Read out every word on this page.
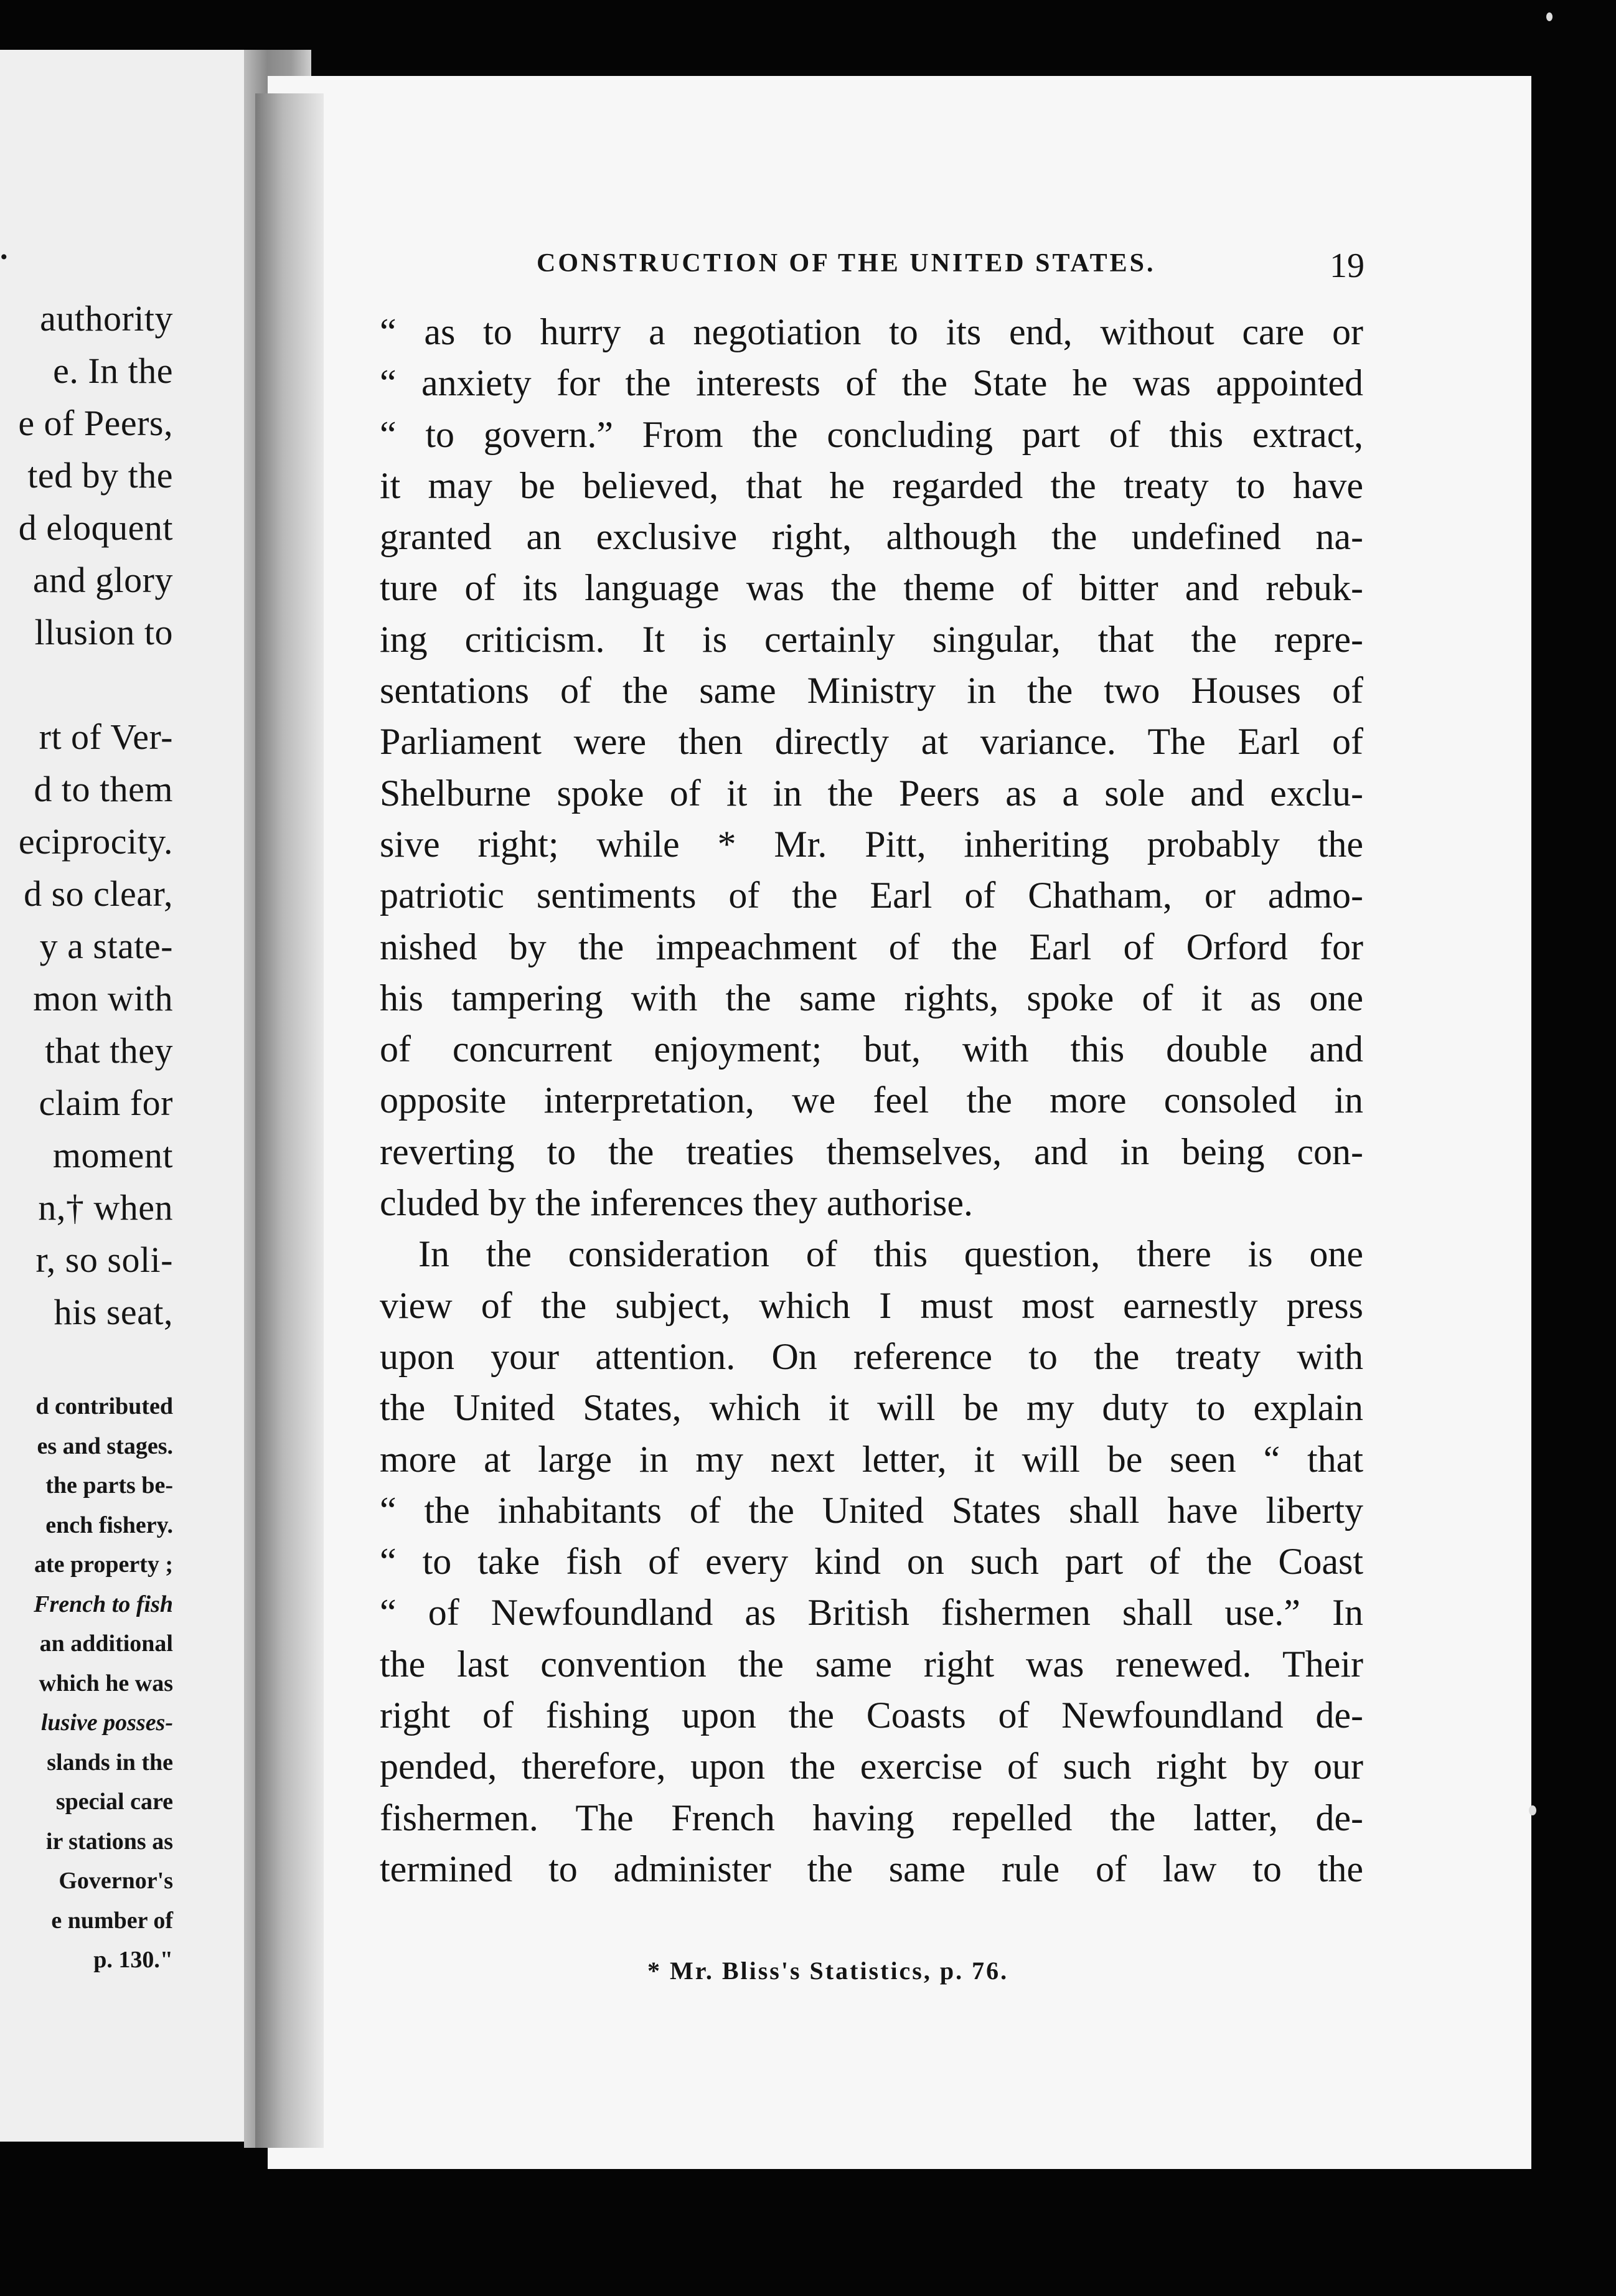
.
authority
e. In the
e of Peers,
ted by the
d eloquent
and glory
llusion to

rt of Ver-
d to them
eciprocity.
d so clear,
y a state-
mon with
that they
claim for
moment
n,† when
r, so soli-
his seat,
d contributed
es and stages.
the parts be-
ench fishery.
ate property ;
French to fish
an additional
which he was
lusive posses-
slands in the
special care
ir stations as
Governor's
e number of
p. 130."
CONSTRUCTION OF THE UNITED STATES.	19
“ as to hurry a negotiation to its end, without care or
“ anxiety for the interests of the State he was appointed
“ to govern.” From the concluding part of this extract,
it may be believed, that he regarded the treaty to have
granted an exclusive right, although the undefined na-
ture of its language was the theme of bitter and rebuk-
ing criticism. It is certainly singular, that the repre-
sentations of the same Ministry in the two Houses of
Parliament were then directly at variance. The Earl of
Shelburne spoke of it in the Peers as a sole and exclu-
sive right; while * Mr. Pitt, inheriting probably the
patriotic sentiments of the Earl of Chatham, or admo-
nished by the impeachment of the Earl of Orford for
his tampering with the same rights, spoke of it as one
of concurrent enjoyment; but, with this double and
opposite interpretation, we feel the more consoled in
reverting to the treaties themselves, and in being con-
cluded by the inferences they authorise.
In the consideration of this question, there is one
view of the subject, which I must most earnestly press
upon your attention. On reference to the treaty with
the United States, which it will be my duty to explain
more at large in my next letter, it will be seen “ that
“ the inhabitants of the United States shall have liberty
“ to take fish of every kind on such part of the Coast
“ of Newfoundland as British fishermen shall use.” In
the last convention the same right was renewed. Their
right of fishing upon the Coasts of Newfoundland de-
pended, therefore, upon the exercise of such right by our
fishermen. The French having repelled the latter, de-
termined to administer the same rule of law to the
* Mr. Bliss's Statistics, p. 76.
